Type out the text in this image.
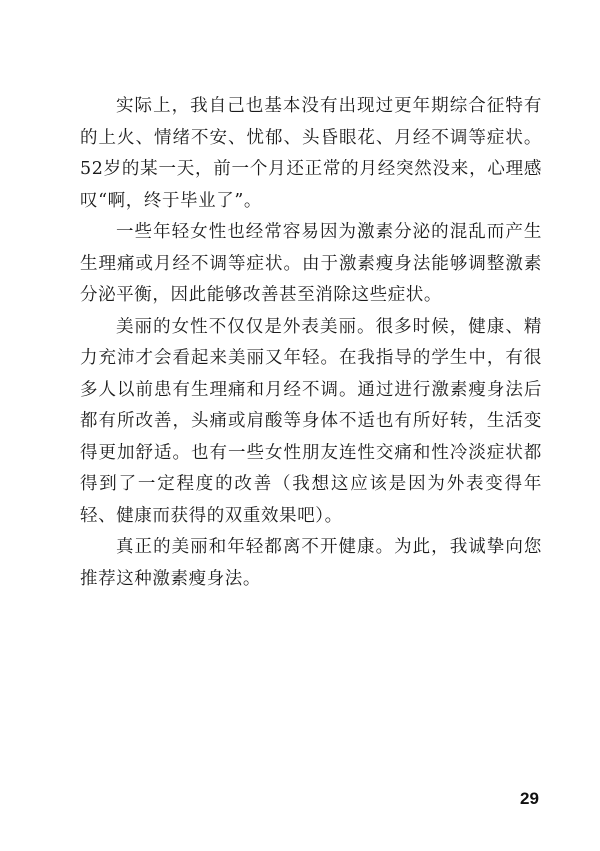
实际上，我自己也基本没有出现过更年期综合征特有的上火、情绪不安、忧郁、头昏眼花、月经不调等症状。52岁的某一天，前一个月还正常的月经突然没来，心理感叹“啊，终于毕业了”。

一些年轻女性也经常容易因为激素分泌的混乱而产生生理痛或月经不调等症状。由于激素瘦身法能够调整激素分泌平衡，因此能够改善甚至消除这些症状。

美丽的女性不仅仅是外表美丽。很多时候，健康、精力充沛才会看起来美丽又年轻。在我指导的学生中，有很多人以前患有生理痛和月经不调。通过进行激素瘦身法后都有所改善，头痛或肩酸等身体不适也有所好转，生活变得更加舒适。也有一些女性朋友连性交痛和性冷淡症状都得到了一定程度的改善（我想这应该是因为外表变得年轻、健康而获得的双重效果吧）。

真正的美丽和年轻都离不开健康。为此，我诚挚向您推荐这种激素瘦身法。

29
